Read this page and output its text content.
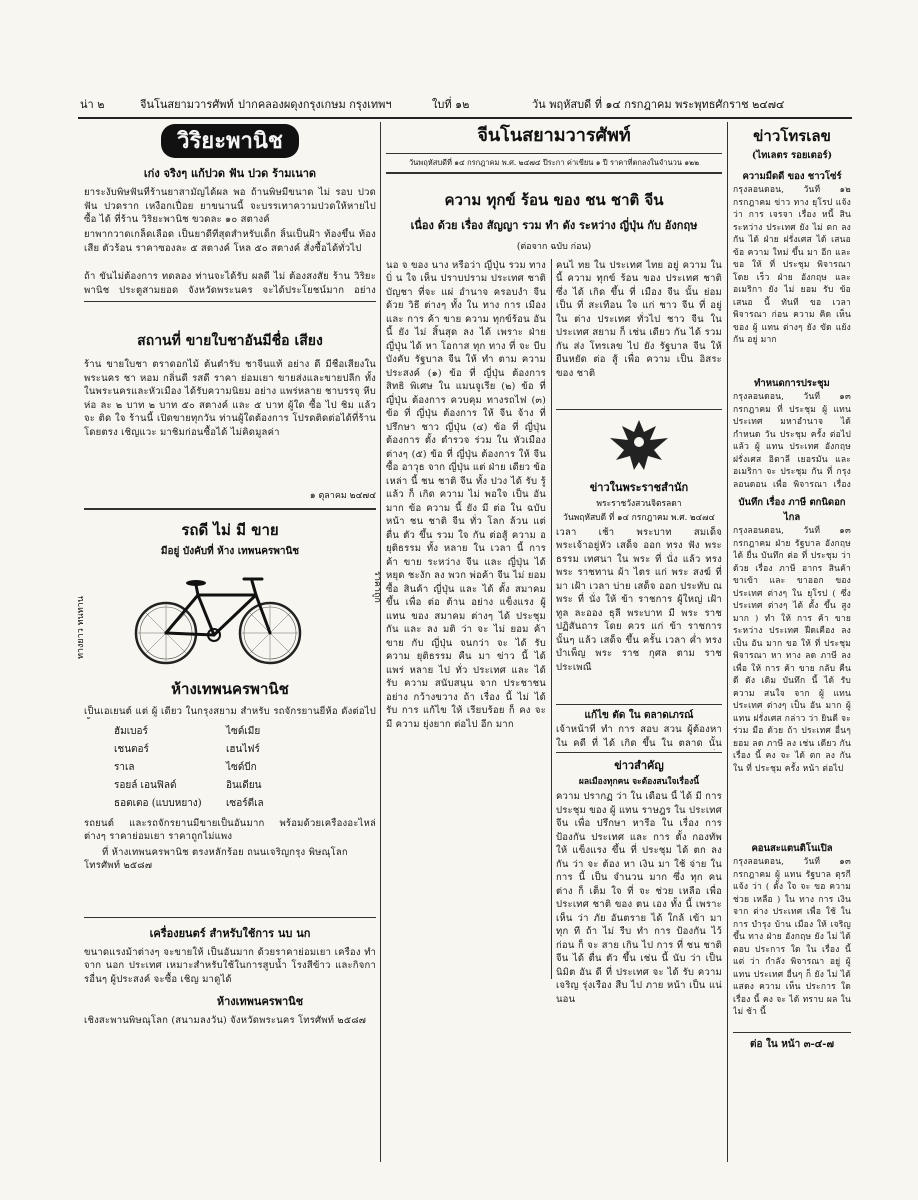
น่า ๒	จีนโนสยามวารศัพท์ ปากคลองผดุงกรุงเกษม กรุงเทพฯ	ใบที่ ๑๒	วัน พฤหัสบดี ที่ ๑๔ กรกฎาคม พระพุทธศักราช ๒๔๗๔
วิริยะพานิช
เก่ง จริงๆ แก้ปวด ฟัน ปวด ร้ามเนาด
ยาระงับพิษฟันที่ร้านยาสามัญได้ผล พอ ถ้านพิษมีขนาด ไม่ รอบ ปวดฟัน ปวดราก เหงือกเปื่อย ยาขนานนี้ จะบรรเทาความปวดให้หายไป ซื้อ ได้ ที่ร้าน วิริยะพานิช ขวดละ ๑๐ สตางค์
ยาพากวาดเกล็ดเลือด เป็นยาดีที่สุดสำหรับเด็ก ลิ้นเป็นฝ้า ท้องขึ้น ท้องเสีย ตัวร้อน ราคาซองละ ๕ สตางค์ โหล ๕๐ สตางค์ สั่งซื้อได้ทั่วไป
ถ้า ขันไม่ต้องการ ทดลอง ท่านจะได้รับ ผลดี ไม่ ต้องสงสัย ร้าน วิริยะพานิช ประตูสามยอด จังหวัดพระนคร จะได้ประโยชน์มาก อย่าง
สถานที่ ขายใบชาอันมีชื่อ เสียง
ร้าน ขายใบชา ตราดอกไม้ ต้นตำรับ ชาจีนแท้ อย่าง ดี มีชื่อเสียงในพระนคร ชา หอม กลิ่นดี รสดี ราคา ย่อมเยา ขายส่งและขายปลีก ทั้งในพระนครและหัวเมือง ได้รับความนิยม อย่าง แพร่หลาย ชาบรรจุ หีบ ห่อ ละ ๒ บาท ๒ บาท ๕๐ สตางค์ และ ๕ บาท ผู้ใด ซื้อ ไป ชิม แล้ว จะ ติด ใจ ร้านนี้ เปิดขายทุกวัน ท่านผู้ใดต้องการ โปรดติดต่อได้ที่ร้าน โดยตรง เชิญแวะ มาชิมก่อนซื้อได้ ไม่คิดมูลค่า
๑ ตุลาคม ๒๔๗๔
รถดี ไม่ มี ขาย
มีอยู่ บังคับที่ ห้าง เทพนครพานิช
ทางยาว ทนทาน
ราคาถูก
ห้างเทพนครพานิช
เป็นเอเยนต์ แต่ ผู้ เดียว ในกรุงสยาม สำหรับ รถจักรยานยี่ห้อ ดังต่อไป
ฮัมเบอร์	ไซด์เมีย
เชนตอร์	เฮนไฟร์
ราเล	ไซด์บีก
รอยล์ เอนฟิลด์	อินเดียน
ธอตเตอ (แบบหยาง)	เซอร์ตีเล
รถยนต์ และรถจักรยานมีขายเป็นอันมาก พร้อมด้วยเครื่องอะไหล่ ต่างๆ ราคาย่อมเยา ราคาถูกไม่แพง
ที่ ห้างเทพนครพานิช ตรงหลักร้อย ถนนเจริญกรุง พิษณุโลก
โทรศัพท์ ๒๕๘๗
เครื่องยนตร์ สำหรับใช้การ นบ นก
ขนาดแรงม้าต่างๆ จะขายให้ เป็นอันมาก ด้วยราคาย่อมเยา เครื่อง ทำจาก นอก ประเทศ เหมาะสำหรับใช้ในการสูบน้ำ โรงสีข้าว และกิจการอื่นๆ ผู้ประสงค์ จะซื้อ เชิญ มาดูได้
ห้างเทพนครพานิช
เชิงสะพานพิษณุโลก (สนามลงวัน) จังหวัดพระนคร โทรศัพท์ ๒๕๘๗
จีนโนสยามวารศัพท์
วันพฤหัสบดีที่ ๑๔ กรกฎาคม พ.ศ. ๒๔๗๔ ปีระกา ค่าเขียน ๑ ปี ราคาที่ตกลงในจำนวน ๑๒๒
ความ ทุกข์ ร้อน ของ ชน ชาติ จีน
เนื่อง ด้วย เรื่อง สัญญา รวม ทำ ดัง ระหว่าง ญี่ปุ่น กับ อังกฤษ
(ต่อจาก ฉบับ ก่อน)
นอ จ ของ นาง หรือว่า ญี่ปุ่น รวม ทาง บิ่ น ใจ เห็น ปราบปราม ประเทศ ชาติ บัญชา ที่จะ แผ่ อำนาจ ครอบงำ จีน ด้วย วิธี ต่างๆ ทั้ง ใน ทาง การ เมือง และ การ ค้า ขาย ความ ทุกข์ร้อน อันนี้ ยัง ไม่ สิ้นสุด ลง ได้ เพราะ ฝ่าย ญี่ปุ่น ได้ หา โอกาส ทุก ทาง ที่ จะ บีบ บังคับ รัฐบาล จีน ให้ ทำ ตาม ความ ประสงค์ (๑) ข้อ ที่ ญี่ปุ่น ต้องการ สิทธิ พิเศษ ใน แมนจูเรีย (๒) ข้อ ที่ ญี่ปุ่น ต้องการ ควบคุม ทางรถไฟ (๓) ข้อ ที่ ญี่ปุ่น ต้องการ ให้ จีน จ้าง ที่ปรึกษา ชาว ญี่ปุ่น (๔) ข้อ ที่ ญี่ปุ่น ต้องการ ตั้ง ตำรวจ ร่วม ใน หัวเมือง ต่างๆ (๕) ข้อ ที่ ญี่ปุ่น ต้องการ ให้ จีน ซื้อ อาวุธ จาก ญี่ปุ่น แต่ ฝ่าย เดียว ข้อ เหล่า นี้ ชน ชาติ จีน ทั้ง ปวง ได้ รับ รู้ แล้ว ก็ เกิด ความ ไม่ พอใจ เป็น อัน มาก ข้อ ความ นี้ ยัง มี ต่อ ใน ฉบับ หน้า ชน ชาติ จีน ทั่ว โลก ล้วน แต่ ตื่น ตัว ขึ้น รวม ใจ กัน ต่อสู้ ความ อยุติธรรม ทั้ง หลาย ใน เวลา นี้ การ ค้า ขาย ระหว่าง จีน และ ญี่ปุ่น ได้ หยุด ชะงัก ลง พวก พ่อค้า จีน ไม่ ยอม ซื้อ สินค้า ญี่ปุ่น และ ได้ ตั้ง สมาคม ขึ้น เพื่อ ต่อ ต้าน อย่าง แข็งแรง ผู้ แทน ของ สมาคม ต่างๆ ได้ ประชุม กัน และ ลง มติ ว่า จะ ไม่ ยอม ค้า ขาย กับ ญี่ปุ่น จนกว่า จะ ได้ รับ ความ ยุติธรรม คืน มา ข่าว นี้ ได้ แพร่ หลาย ไป ทั่ว ประเทศ และ ได้ รับ ความ สนับสนุน จาก ประชาชน อย่าง กว้างขวาง ถ้า เรื่อง นี้ ไม่ ได้ รับ การ แก้ไข ให้ เรียบร้อย ก็ คง จะ มี ความ ยุ่งยาก ต่อไป อีก มาก
คนไ ทย ใน ประเทศ ไทย อยู่ ความ ใน นี้ ความ ทุกข์ ร้อน ของ ประเทศ ชาติ ซึ่ง ได้ เกิด ขึ้น ที่ เมือง จีน นั้น ย่อม เป็น ที่ สะเทือน ใจ แก่ ชาว จีน ที่ อยู่ ใน ต่าง ประเทศ ทั่วไป ชาว จีน ใน ประเทศ สยาม ก็ เช่น เดียว กัน ได้ รวม กัน ส่ง โทรเลข ไป ยัง รัฐบาล จีน ให้ ยืนหยัด ต่อ สู้ เพื่อ ความ เป็น อิสระ ของ ชาติ
ข่าวในพระราชสำนัก
พระราชวังสวนจิตรลดา
วันพฤหัสบดี ที่ ๑๔ กรกฎาคม พ.ศ. ๒๔๗๔
เวลา เช้า พระบาท สมเด็จ พระเจ้าอยู่หัว เสด็จ ออก ทรง ฟัง พระ ธรรม เทศนา ใน พระ ที่ นั่ง แล้ว ทรง พระ ราชทาน ผ้า ไตร แก่ พระ สงฆ์ ที่ มา เฝ้า เวลา บ่าย เสด็จ ออก ประทับ ณ พระ ที่ นั่ง ให้ ข้า ราชการ ผู้ใหญ่ เฝ้า ทูล ละออง ธุลี พระบาท มี พระ ราช ปฏิสันถาร โดย ควร แก่ ข้า ราชการ นั้นๆ แล้ว เสด็จ ขึ้น ครั้น เวลา ค่ำ ทรง บำเพ็ญ พระ ราช กุศล ตาม ราช ประเพณี
แก้ไข ตัด ใน ตลาดเภรณ์
เจ้าหน้าที่ ทำ การ สอบ สวน ผู้ต้องหา ใน คดี ที่ ได้ เกิด ขึ้น ใน ตลาด นั้น
ข่าวสำคัญ
ผลเมืองทุกคน จะต้องสนใจเรื่องนี้
ความ ปรากฏ ว่า ใน เดือน นี้ ได้ มี การ ประชุม ของ ผู้ แทน ราษฎร ใน ประเทศ จีน เพื่อ ปรึกษา หารือ ใน เรื่อง การ ป้องกัน ประเทศ และ การ ตั้ง กองทัพ ให้ แข็งแรง ขึ้น ที่ ประชุม ได้ ตก ลง กัน ว่า จะ ต้อง หา เงิน มา ใช้ จ่าย ใน การ นี้ เป็น จำนวน มาก ซึ่ง ทุก คน ต่าง ก็ เต็ม ใจ ที่ จะ ช่วย เหลือ เพื่อ ประเทศ ชาติ ของ ตน เอง ทั้ง นี้ เพราะ เห็น ว่า ภัย อันตราย ได้ ใกล้ เข้า มา ทุก ที ถ้า ไม่ รีบ ทำ การ ป้องกัน ไว้ ก่อน ก็ จะ สาย เกิน ไป การ ที่ ชน ชาติ จีน ได้ ตื่น ตัว ขึ้น เช่น นี้ นับ ว่า เป็น นิมิต อัน ดี ที่ ประเทศ จะ ได้ รับ ความ เจริญ รุ่งเรือง สืบ ไป ภาย หน้า เป็น แน่ นอน
ข่าวโทรเลข
(ไทเลตร รอยเตอร์)
ความมืดดี ของ ชาวโซ่ร์
กรุงลอนดอน, วันที่ ๑๒ กรกฎาคม ข่าว ทาง ยุโรป แจ้ง ว่า การ เจรจา เรื่อง หนี้ สิน ระหว่าง ประเทศ ยัง ไม่ ตก ลง กัน ได้ ฝ่าย ฝรั่งเศส ได้ เสนอ ข้อ ความ ใหม่ ขึ้น มา อีก และ ขอ ให้ ที่ ประชุม พิจารณา โดย เร็ว ฝ่าย อังกฤษ และ อเมริกา ยัง ไม่ ยอม รับ ข้อ เสนอ นี้ ทันที ขอ เวลา พิจารณา ก่อน ความ คิด เห็น ของ ผู้ แทน ต่างๆ ยัง ขัด แย้ง กัน อยู่ มาก
ทำหนดการประชุม
กรุงลอนดอน, วันที่ ๑๓ กรกฎาคม ที่ ประชุม ผู้ แทน ประเทศ มหาอำนาจ ได้ กำหนด วัน ประชุม ครั้ง ต่อไป แล้ว ผู้ แทน ประเทศ อังกฤษ ฝรั่งเศส อิตาลี เยอรมัน และ อเมริกา จะ ประชุม กัน ที่ กรุง ลอนดอน เพื่อ พิจารณา เรื่อง
บันทึก เรื่อง ภาษี ตกนิดอกไกล
กรุงลอนดอน, วันที่ ๑๓ กรกฎาคม ฝ่าย รัฐบาล อังกฤษ ได้ ยื่น บันทึก ต่อ ที่ ประชุม ว่า ด้วย เรื่อง ภาษี อากร สินค้า ขาเข้า และ ขาออก ของ ประเทศ ต่างๆ ใน ยุโรป ( ซึ่ง ประเทศ ต่างๆ ได้ ตั้ง ขึ้น สูง มาก ) ทำ ให้ การ ค้า ขาย ระหว่าง ประเทศ ฝืดเคือง ลง เป็น อัน มาก ขอ ให้ ที่ ประชุม พิจารณา หา ทาง ลด ภาษี ลง เพื่อ ให้ การ ค้า ขาย กลับ คืน ดี ดัง เดิม บันทึก นี้ ได้ รับ ความ สนใจ จาก ผู้ แทน ประเทศ ต่างๆ เป็น อัน มาก ผู้ แทน ฝรั่งเศส กล่าว ว่า ยินดี จะ ร่วม มือ ด้วย ถ้า ประเทศ อื่นๆ ยอม ลด ภาษี ลง เช่น เดียว กัน เรื่อง นี้ คง จะ ได้ ตก ลง กัน ใน ที่ ประชุม ครั้ง หน้า ต่อไป
คอนสะแตนติโนเปิล
กรุงลอนดอน, วันที่ ๑๓ กรกฎาคม ผู้ แทน รัฐบาล ตุรกี แจ้ง ว่า ( ตั้ง ใจ จะ ขอ ความ ช่วย เหลือ ) ใน ทาง การ เงิน จาก ต่าง ประเทศ เพื่อ ใช้ ใน การ บำรุง บ้าน เมือง ให้ เจริญ ขึ้น ทาง ฝ่าย อังกฤษ ยัง ไม่ ได้ ตอบ ประการ ใด ใน เรื่อง นี้ แต่ ว่า กำลัง พิจารณา อยู่ ผู้ แทน ประเทศ อื่นๆ ก็ ยัง ไม่ ได้ แสดง ความ เห็น ประการ ใด เรื่อง นี้ คง จะ ได้ ทราบ ผล ใน ไม่ ช้า นี้
ต่อ ใน หน้า ๓-๔-๗
